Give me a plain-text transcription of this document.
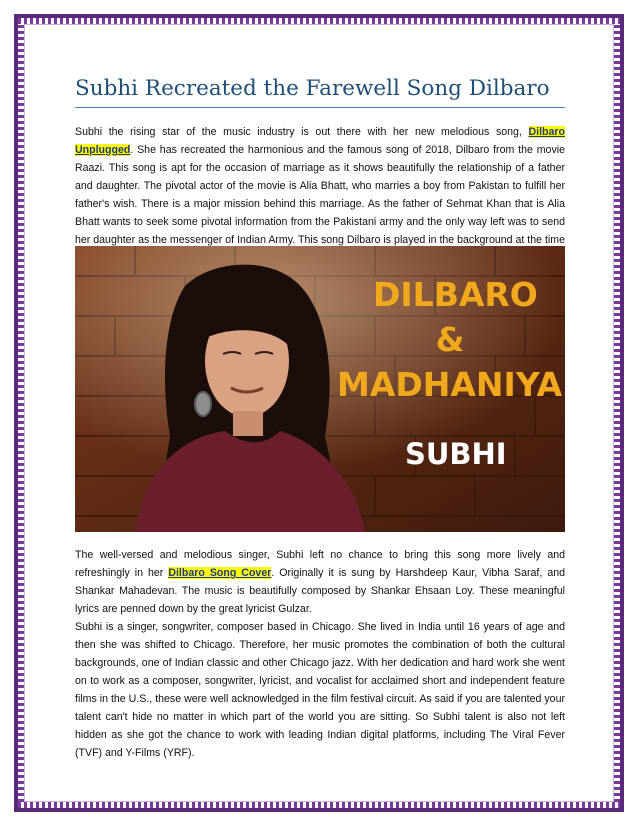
Subhi Recreated the Farewell Song Dilbaro

Subhi the rising star of the music industry is out there with her new melodious song, Dilbaro Unplugged. She has recreated the harmonious and the famous song of 2018, Dilbaro from the movie Raazi. This song is apt for the occasion of marriage as it shows beautifully the relationship of a father and daughter. The pivotal actor of the movie is Alia Bhatt, who marries a boy from Pakistan to fulfill her father's wish. There is a major mission behind this marriage. As the father of Sehmat Khan that is Alia Bhatt wants to seek some pivotal information from the Pakistani army and the only way left was to send her daughter as the messenger of Indian Army. This song Dilbaro is played in the background at the time

DILBARO
&
MADHANIYA
SUBHI

The well-versed and melodious singer, Subhi left no chance to bring this song more lively and refreshingly in her Dilbaro Song Cover. Originally it is sung by Harshdeep Kaur, Vibha Saraf, and Shankar Mahadevan. The music is beautifully composed by Shankar Ehsaan Loy. These meaningful lyrics are penned down by the great lyricist Gulzar.

Subhi is a singer, songwriter, composer based in Chicago. She lived in India until 16 years of age and then she was shifted to Chicago. Therefore, her music promotes the combination of both the cultural backgrounds, one of Indian classic and other Chicago jazz. With her dedication and hard work she went on to work as a composer, songwriter, lyricist, and vocalist for acclaimed short and independent feature films in the U.S., these were well acknowledged in the film festival circuit. As said if you are talented your talent can't hide no matter in which part of the world you are sitting. So Subhi talent is also not left hidden as she got the chance to work with leading Indian digital platforms, including The Viral Fever (TVF) and Y-Films (YRF).
